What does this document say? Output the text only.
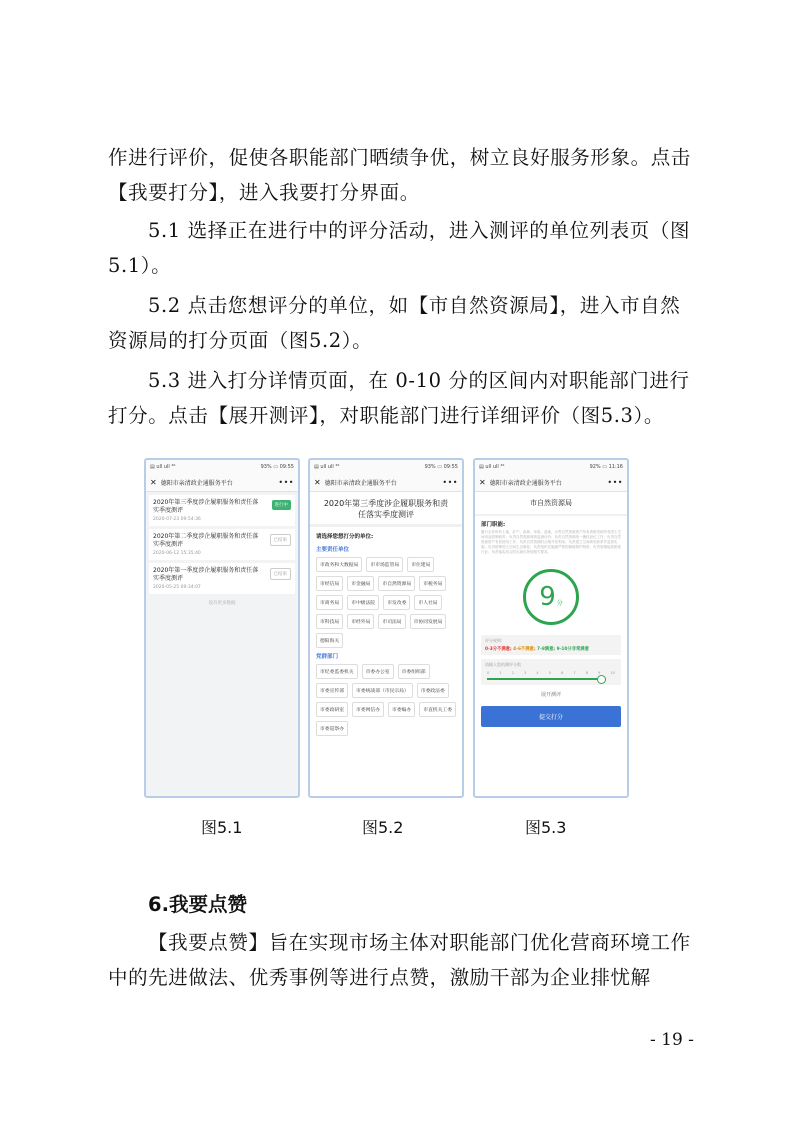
作进行评价，促使各职能部门晒绩争优，树立良好服务形象。点击【我要打分】，进入我要打分界面。

5.1 选择正在进行中的评分活动，进入测评的单位列表页（图5.1）。

5.2 点击您想评分的单位，如【市自然资源局】，进入市自然资源局的打分页面（图5.2）。

5.3 进入打分详情页面，在 0-10 分的区间内对职能部门进行打分。点击【展开测评】，对职能部门进行详细评价（图5.3）。

▤ ull ull ⁴⁶	93% ▭ 09:55
✕ 德阳市亲清政企通服务平台	•••
2020年第三季度涉企履职服务和责任落实季度测评
2020-07-23 09:54:36
进行中
2020年第二季度涉企履职服务和责任落实季度测评
2020-06-12 15:35:40
已结束
2020年第一季度涉企履职服务和责任落实季度测评
2020-05-25 09:34:07
已结束
没有更多数据
▤ ull ull ⁴⁶	93% ▭ 09:55
✕ 德阳市亲清政企通服务平台	•••
2020年第三季度涉企履职服务和责任落实季度测评
请选择您想打分的单位:
主要责任单位
市政务和大数据局	市市场监管局	市住建局
市经信局	市金融局	市自然资源局	市税务局
市商务局	市中级法院	市发改委	市人社局
市科技局	市经外局	市司法局	市协同发展局
德阳海关
党群部门
市纪委监委机关	市委办公室	市委组织部
市委宣传部	市委统战部（市民宗局）	市委政法委
市委政研室	市委网信办	市委编办	市直机关工委
市委巡察办
▤ ull ull ⁴⁶	92% ▭ 11:16
✕ 德阳市亲清政企通服务平台	•••
市自然资源局
部门职能:
履行全民所有土地、矿产、森林、草原、湿地、水等自然资源资产所有者职责和所有国土空间用途管制职责；负责自然资源调查监测评价；负责自然资源统一确权登记工作；负责自然资源资产有偿使用工作；负责自然资源的合理开发利用；负责建立空间规划体系并监督实施；负责统筹国土空间生态修复；负责组织实施最严格的耕地保护制度；负责管理地质勘查行业；负责落实综合防灾减灾规划相关要求。
9 分
评分规则:
0-3分不满意; 4-6不满意; 7-8满意; 9-10分非常满意
请输入您的测评分数
0	1	2	3	4	5	6	7	8	9	10
展开测评
提交打分
图5.1	图5.2	图5.3
6.我要点赞

【我要点赞】旨在实现市场主体对职能部门优化营商环境工作中的先进做法、优秀事例等进行点赞，激励干部为企业排忧解

- 19 -
